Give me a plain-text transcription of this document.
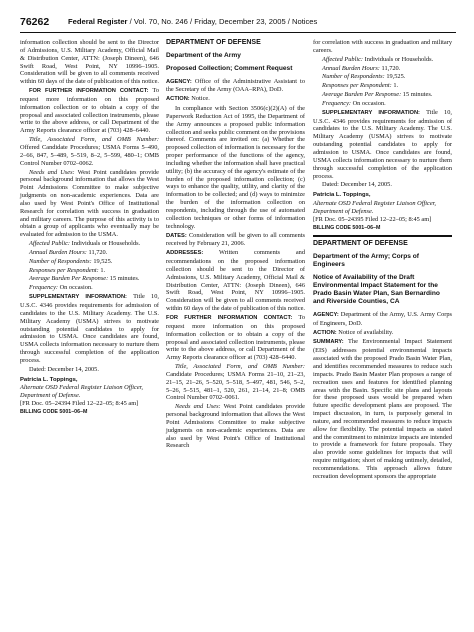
76262 Federal Register / Vol. 70, No. 246 / Friday, December 23, 2005 / Notices

information collection should be sent to the Director of Admissions, U.S. Military Academy, Official Mail & Distribution Center, ATTN: (Joseph Dineen), 646 Swift Road, West Point, NY 10996–1905. Consideration will be given to all comments received within 60 days of the date of publication of this notice.

FOR FURTHER INFORMATION CONTACT: To request more information on this proposed information collection or to obtain a copy of the proposal and associated collection instruments, please write to the above address, or call Department of the Army Reports clearance officer at (703) 428–6440.

Title, Associated Form, and OMB Number: Offered Candidate Procedures; USMA Forms 5–490, 2–66, 847, 5–489, 5–519, 8–2, 5–599, 480–1; OMB Control Number 0702–0062.

Needs and Uses: West Point candidates provide personal background information that allows the West Point Admissions Committee to make subjective judgments on non-academic experiences. Data are also used by West Point's Office of Institutional Research for correlation with success in graduation and military careers. The purpose of this activity is to obtain a group of applicants who eventually may be evaluated for admission to the USMA.

Affected Public: Individuals or Households.

Annual Burden Hours: 11,720.

Number of Respondents: 19,525.

Responses per Respondent: 1.

Average Burden Per Response: 15 minutes.

Frequency: On occasion.

SUPPLEMENTARY INFORMATION: Title 10, U.S.C. 4346 provides requirements for admission of candidates to the U.S. Military Academy. The U.S. Military Academy (USMA) strives to motivate outstanding potential candidates to apply for admission to USMA. Once candidates are found, USMA collects information necessary to nurture them through successful completion of the application process.

Dated: December 14, 2005.

Patricia L. Toppings,
Alternate OSD Federal Register Liaison Officer, Department of Defense.
[FR Doc. 05–24394 Filed 12–22–05; 8:45 am]
BILLING CODE 5001–06–M
DEPARTMENT OF DEFENSE
Department of the Army
Proposed Collection; Comment Request

AGENCY: Office of the Administrative Assistant to the Secretary of the Army (OAA–RPA), DoD.

ACTION: Notice.

In compliance with Section 3506(c)(2)(A) of the Paperwork Reduction Act of 1995, the Department of the Army announces a proposed public information collection and seeks public comment on the provisions thereof. Comments are invited on: (a) Whether the proposed collection of information is necessary for the proper performance of the functions of the agency, including whether the information shall have practical utility; (b) the accuracy of the agency's estimate of the burden of the proposed information collection; (c) ways to enhance the quality, utility, and clarity of the information to be collected; and (d) ways to minimize the burden of the information collection on respondents, including through the use of automated collection techniques or other forms of information technology.

DATES: Consideration will be given to all comments received by February 21, 2006.

ADDRESSES: Written comments and recommendations on the proposed information collection should be sent to the Director of Admissions, U.S. Military Academy, Official Mail & Distribution Center, ATTN: (Joseph Dineen), 646 Swift Road, West Point, NY 10996–1905. Consideration will be given to all comments received within 60 days of the date of publication of this notice.

FOR FURTHER INFORMATION CONTACT: To request more information on this proposed information collection or to obtain a copy of the proposal and associated collection instruments, please write to the above address, or call Department of the Army Reports clearance officer at (703) 428–6440.

Title, Associated Form, and OMB Number: Candidate Procedures; USMA Forms 21–10, 21–23, 21–15, 21–26, 5–520, 5–518, 5–497, 481, 546, 5–2, 5–26, 5–515, 481–1, 520, 261, 21–14, 21–8; OMB Control Number 0702–0061.

Needs and Uses: West Point candidates provide personal background information that allows the West Point Admissions Committee to make subjective judgments on non-academic experiences. Data are also used by West Point's Office of Institutional Research

for correlation with success in graduation and military careers.

Affected Public: Individuals or Households.

Annual Burden Hours: 11,720.

Number of Respondents: 19,525.

Responses per Respondent: 1.

Average Burden Per Response: 15 minutes.

Frequency: On occasion.

SUPPLEMENTARY INFORMATION: Title 10, U.S.C. 4346 provides requirements for admission of candidates to the U.S. Military Academy. The U.S. Military Academy (USMA) strives to motivate outstanding potential candidates to apply for admission to USMA. Once candidates are found, USMA collects information necessary to nurture them through successful completion of the application process.

Dated: December 14, 2005.

Patricia L. Toppings,
Alternate OSD Federal Register Liaison Officer, Department of Defense.
[FR Doc. 05–24395 Filed 12–22–05; 8:45 am]
BILLING CODE 5001–06–M
DEPARTMENT OF DEFENSE
Department of the Army; Corps of Engineers
Notice of Availability of the Draft Environmental Impact Statement for the Prado Basin Water Plan, San Bernardino and Riverside Counties, CA

AGENCY: Department of the Army, U.S. Army Corps of Engineers, DoD.

ACTION: Notice of availability.

SUMMARY: The Environmental Impact Statement (EIS) addresses potential environmental impacts associated with the proposed Prado Basin Water Plan, and identifies recommended measures to reduce such impacts. Prado Basin Master Plan proposes a range of recreation uses and features for identified planning areas with the Basin. Specific site plans and layouts for these proposed uses would be prepared when future specific development plans are proposed. The impact discussion, in turn, is purposely general in nature, and recommended measures to reduce impacts allow for flexibility. The potential impacts as stated and the commitment to minimize impacts are intended to provide a framework for future proposals. They also provide some guidelines for impacts that will require mitigation; short of making untimely, detailed, recommendations. This approach allows future recreation development sponsors the appropriate
